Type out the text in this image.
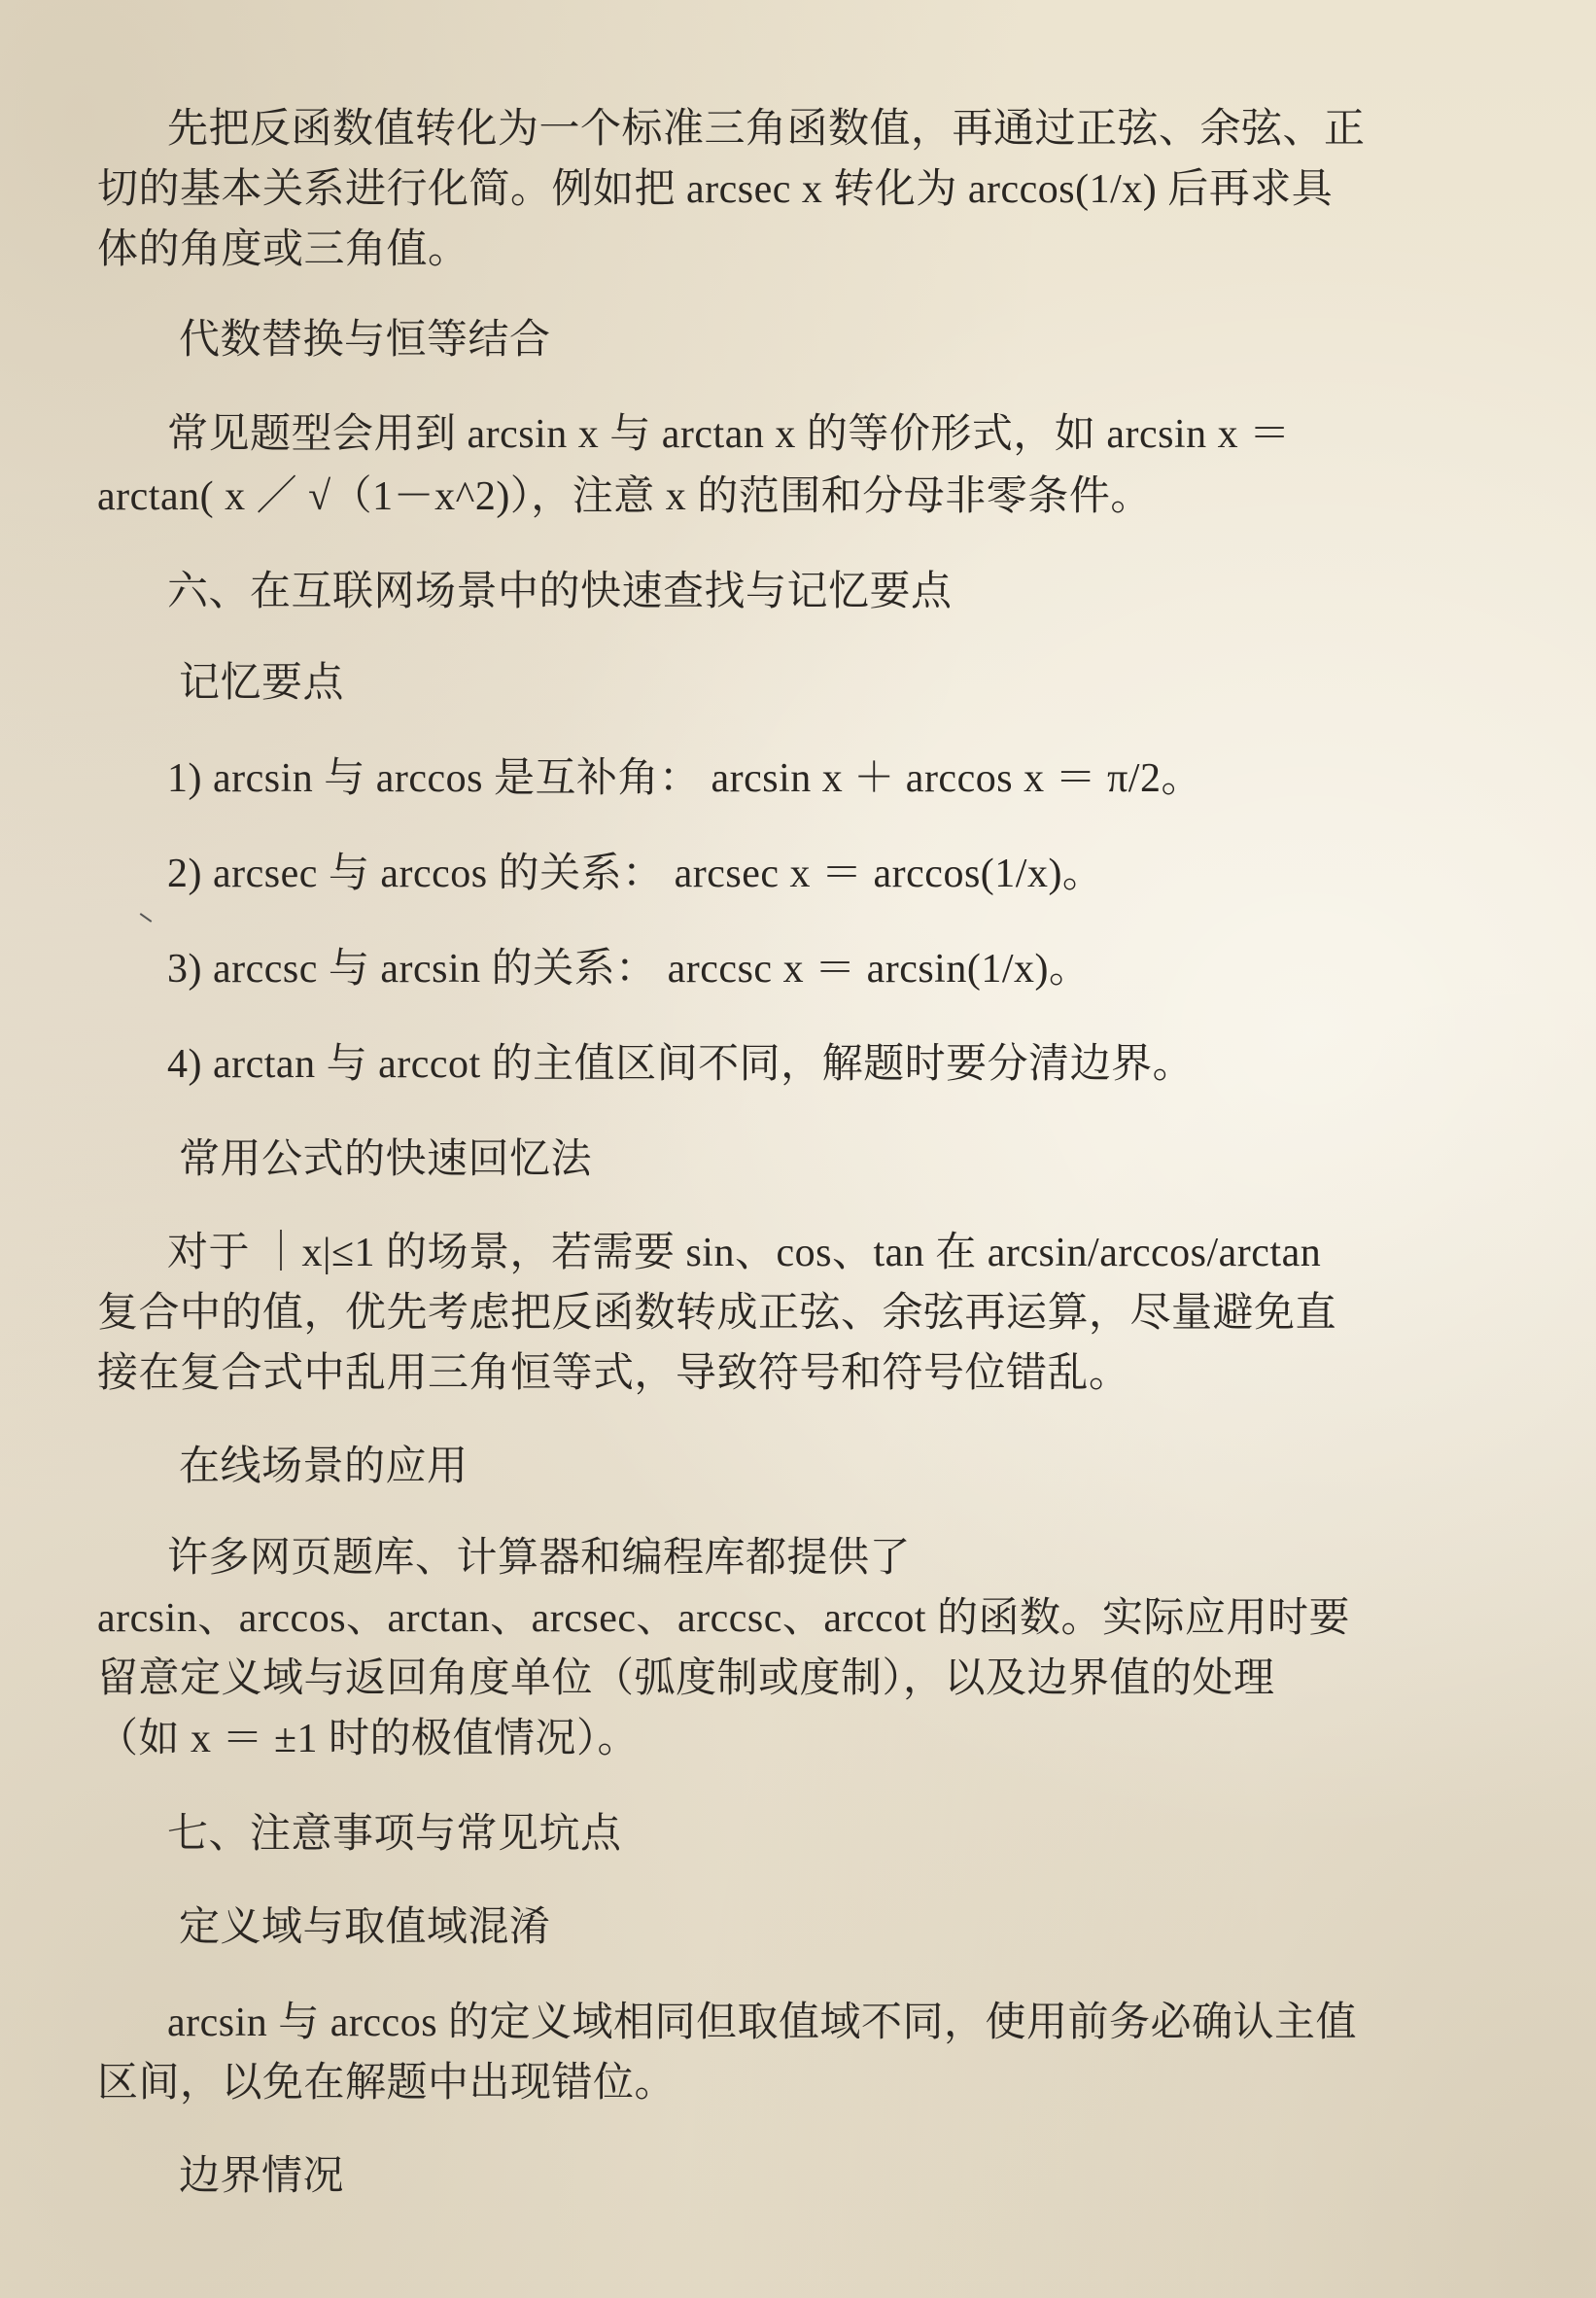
先把反函数值转化为一个标准三角函数值，再通过正弦、余弦、正
切的基本关系进行化简。例如把 arcsec x 转化为 arccos(1/x) 后再求具
体的角度或三角值。
代数替换与恒等结合
常见题型会用到 arcsin x 与 arctan x 的等价形式，如 arcsin x ＝
arctan( x ／ √（1－x^2)），注意 x 的范围和分母非零条件。
六、在互联网场景中的快速查找与记忆要点
记忆要点
1) arcsin 与 arccos 是互补角： arcsin x ＋ arccos x ＝ π/2。
2) arcsec 与 arccos 的关系： arcsec x ＝ arccos(1/x)。
3) arccsc 与 arcsin 的关系： arccsc x ＝ arcsin(1/x)。
4) arctan 与 arccot 的主值区间不同，解题时要分清边界。
常用公式的快速回忆法
对于 ｜x|≤1 的场景，若需要 sin、cos、tan 在 arcsin/arccos/arctan
复合中的值，优先考虑把反函数转成正弦、余弦再运算，尽量避免直
接在复合式中乱用三角恒等式，导致符号和符号位错乱。
在线场景的应用
许多网页题库、计算器和编程库都提供了
arcsin、arccos、arctan、arcsec、arccsc、arccot 的函数。实际应用时要
留意定义域与返回角度单位（弧度制或度制），以及边界值的处理
（如 x ＝ ±1 时的极值情况）。
七、注意事项与常见坑点
定义域与取值域混淆
arcsin 与 arccos 的定义域相同但取值域不同，使用前务必确认主值
区间，以免在解题中出现错位。
边界情况
